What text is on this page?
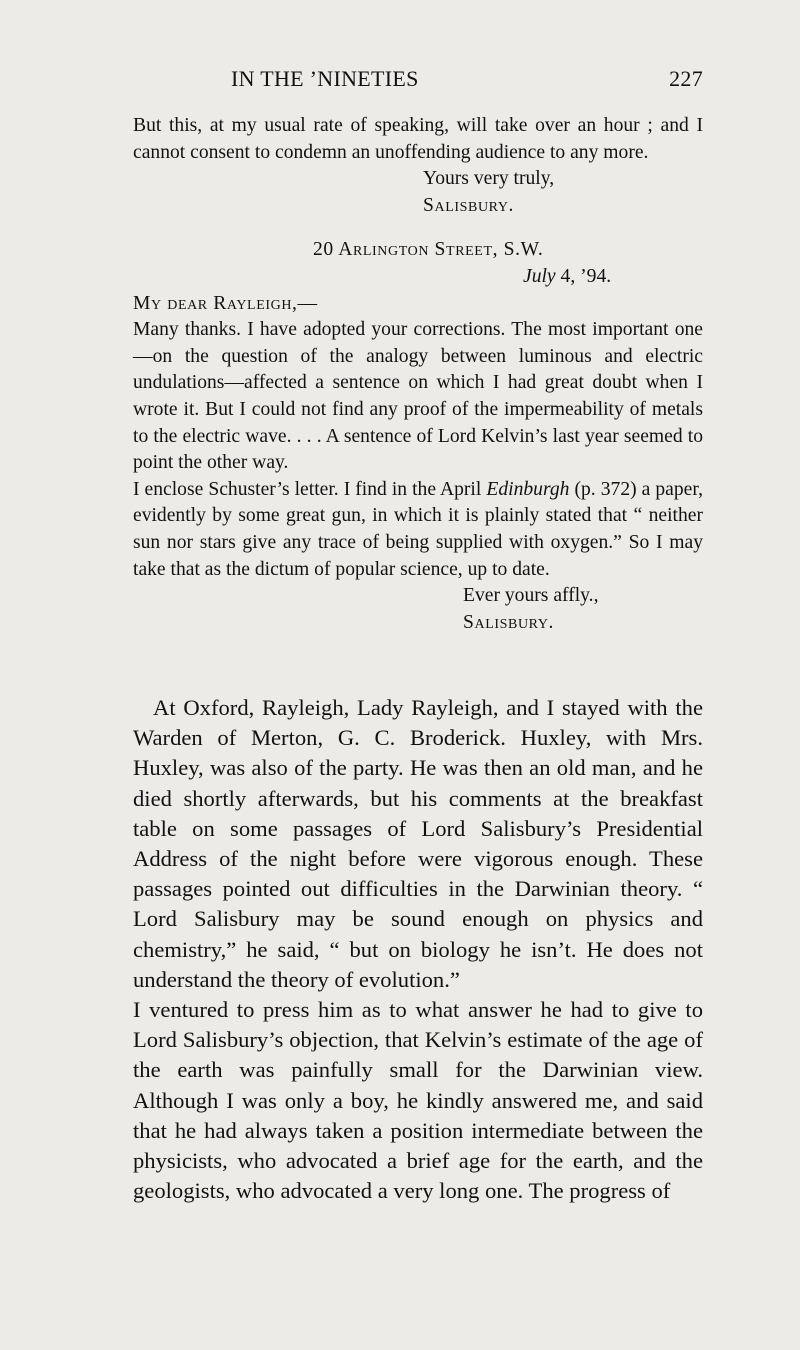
IN THE ’NINETIES	227

But this, at my usual rate of speaking, will take over an hour ; and I cannot consent to condemn an unoffending audience to any more.

Yours very truly,

Salisbury.

20 Arlington Street, S.W.

July 4, ’94.

My dear Rayleigh,—

Many thanks. I have adopted your corrections. The most important one—on the question of the analogy between luminous and electric undulations—affected a sentence on which I had great doubt when I wrote it. But I could not find any proof of the impermeability of metals to the electric wave. . . . A sentence of Lord Kelvin’s last year seemed to point the other way.

I enclose Schuster’s letter. I find in the April Edinburgh (p. 372) a paper, evidently by some great gun, in which it is plainly stated that “ neither sun nor stars give any trace of being supplied with oxygen.” So I may take that as the dictum of popular science, up to date.

Ever yours affly.,

Salisbury.

At Oxford, Rayleigh, Lady Rayleigh, and I stayed with the Warden of Merton, G. C. Broderick. Huxley, with Mrs. Huxley, was also of the party. He was then an old man, and he died shortly afterwards, but his comments at the breakfast table on some passages of Lord Salisbury’s Presidential Address of the night before were vigorous enough. These passages pointed out difficulties in the Darwinian theory. “ Lord Salisbury may be sound enough on physics and chemistry,” he said, “ but on biology he isn’t. He does not understand the theory of evolution.”

I ventured to press him as to what answer he had to give to Lord Salisbury’s objection, that Kelvin’s estimate of the age of the earth was painfully small for the Darwinian view. Although I was only a boy, he kindly answered me, and said that he had always taken a position intermediate between the physicists, who advocated a brief age for the earth, and the geologists, who advocated a very long one. The progress of
